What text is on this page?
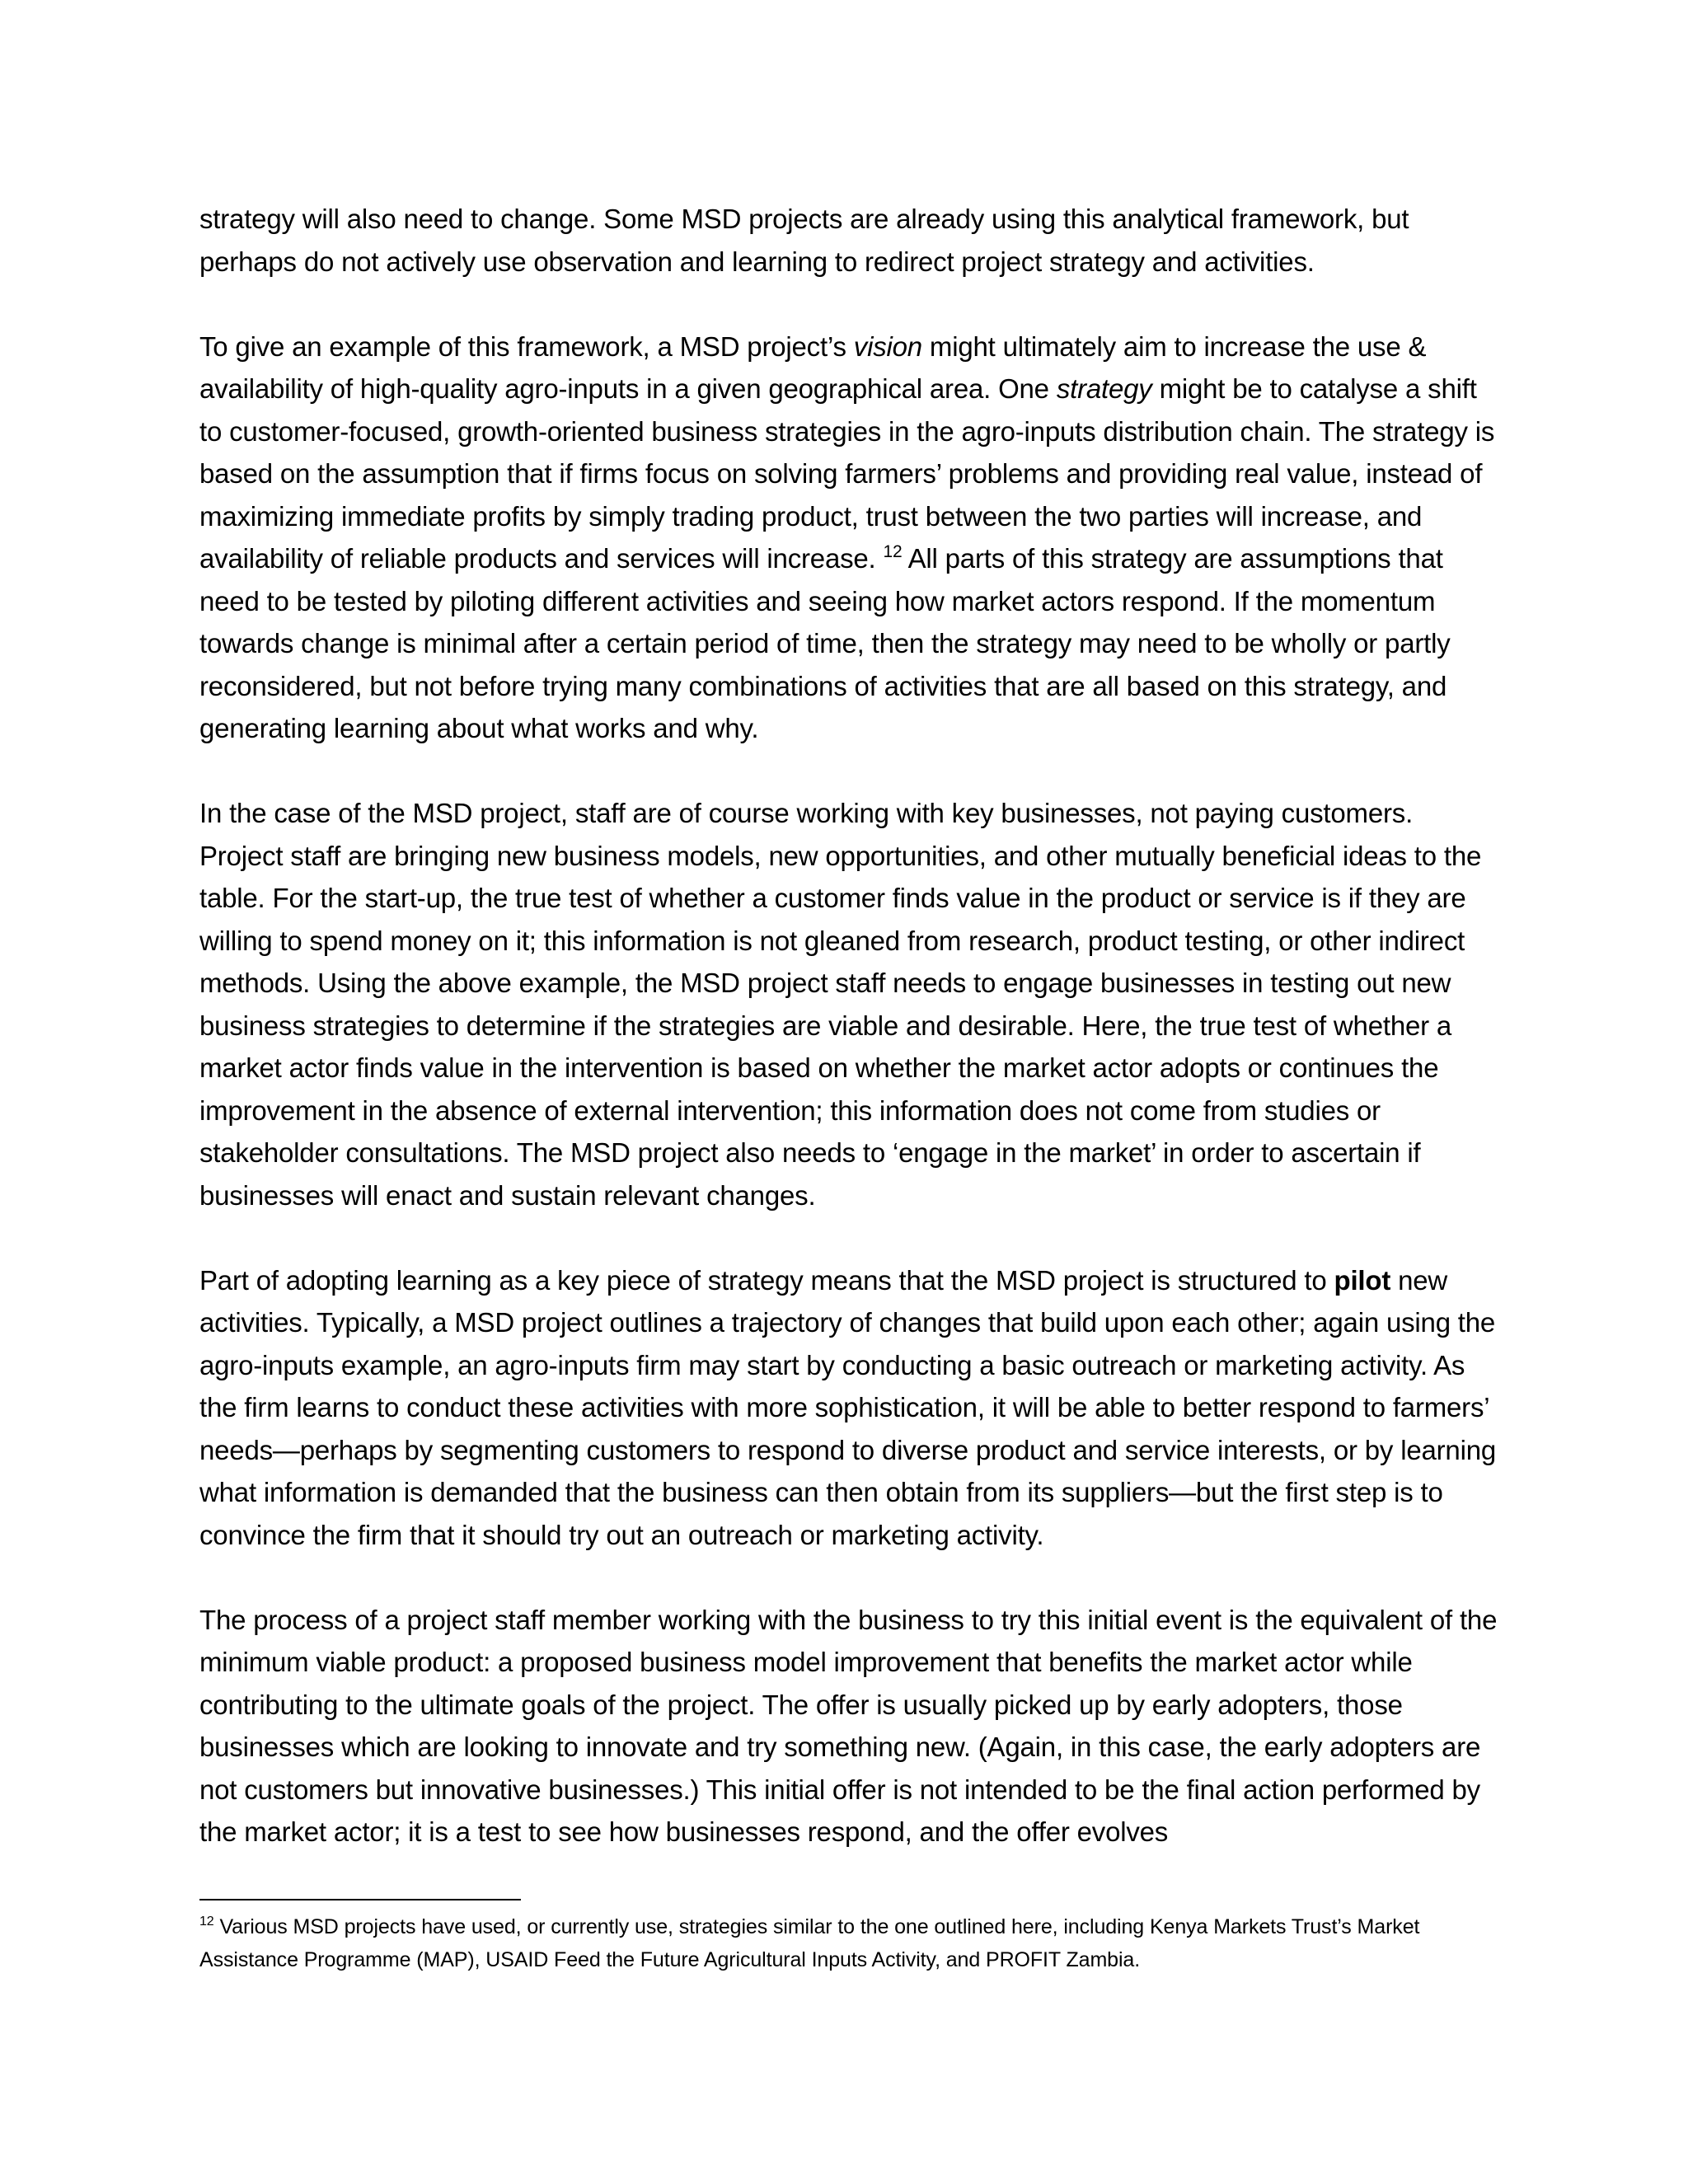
strategy will also need to change. Some MSD projects are already using this analytical framework, but perhaps do not actively use observation and learning to redirect project strategy and activities.

To give an example of this framework, a MSD project’s vision might ultimately aim to increase the use & availability of high-quality agro-inputs in a given geographical area. One strategy might be to catalyse a shift to customer-focused, growth-oriented business strategies in the agro-inputs distribution chain. The strategy is based on the assumption that if firms focus on solving farmers’ problems and providing real value, instead of maximizing immediate profits by simply trading product, trust between the two parties will increase, and availability of reliable products and services will increase. $^{12}$ All parts of this strategy are assumptions that need to be tested by piloting different activities and seeing how market actors respond. If the momentum towards change is minimal after a certain period of time, then the strategy may need to be wholly or partly reconsidered, but not before trying many combinations of activities that are all based on this strategy, and generating learning about what works and why.

In the case of the MSD project, staff are of course working with key businesses, not paying customers. Project staff are bringing new business models, new opportunities, and other mutually beneficial ideas to the table. For the start-up, the true test of whether a customer finds value in the product or service is if they are willing to spend money on it; this information is not gleaned from research, product testing, or other indirect methods. Using the above example, the MSD project staff needs to engage businesses in testing out new business strategies to determine if the strategies are viable and desirable. Here, the true test of whether a market actor finds value in the intervention is based on whether the market actor adopts or continues the improvement in the absence of external intervention; this information does not come from studies or stakeholder consultations. The MSD project also needs to ‘engage in the market’ in order to ascertain if businesses will enact and sustain relevant changes.

Part of adopting learning as a key piece of strategy means that the MSD project is structured to pilot new activities. Typically, a MSD project outlines a trajectory of changes that build upon each other; again using the agro-inputs example, an agro-inputs firm may start by conducting a basic outreach or marketing activity. As the firm learns to conduct these activities with more sophistication, it will be able to better respond to farmers’ needs—perhaps by segmenting customers to respond to diverse product and service interests, or by learning what information is demanded that the business can then obtain from its suppliers—but the first step is to convince the firm that it should try out an outreach or marketing activity.

The process of a project staff member working with the business to try this initial event is the equivalent of the minimum viable product: a proposed business model improvement that benefits the market actor while contributing to the ultimate goals of the project. The offer is usually picked up by early adopters, those businesses which are looking to innovate and try something new. (Again, in this case, the early adopters are not customers but innovative businesses.) This initial offer is not intended to be the final action performed by the market actor; it is a test to see how businesses respond, and the offer evolves

$^{12}$ Various MSD projects have used, or currently use, strategies similar to the one outlined here, including Kenya Markets Trust’s Market Assistance Programme (MAP), USAID Feed the Future Agricultural Inputs Activity, and PROFIT Zambia.
